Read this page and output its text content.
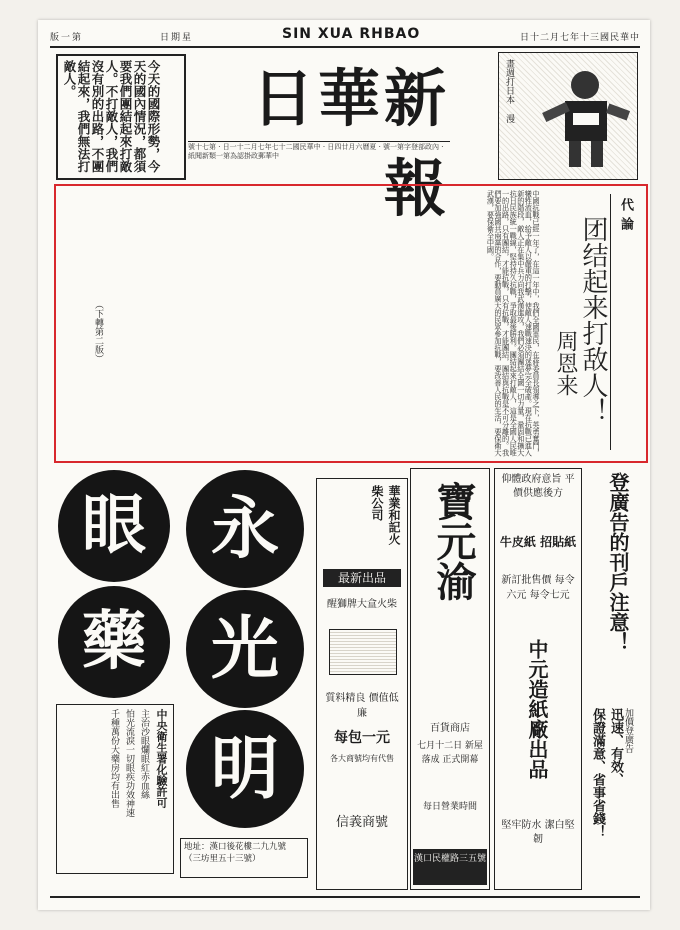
版一第	日期星	SIN XUA RHBAO	日十二月七年十三國民華中
今天的國際形勢，今天的國內情況，都須要我們團結起來打敵人。不打敵人，我們沒有別的出路，不團結起來，我們無法打敵人。	新華日報
號十七第 · 日一十二月七年七十二國民華中 · 日四廿月六曆夏 · 號一第字登部政內 · 紙聞新類一第為認掛政郵華中
畫週打日本 漫
中國抗戰已經一年了，在這一年中，我們全國軍民，在蔣委員長領導之下，英勇奮鬥，犧牲流血，給予敵人以嚴重的打擊，使敵人速戰速決的迷夢完全破產。現在抗戰已進入新的階段，敵人正在集中兵力向我武漢進攻，我們必須團結全國一切力量，鞏固和擴大抗日民族統一戰線，堅持持久抗戰，爭取最後勝利。團結起來打敵人，這是全國人民唯一的出路，只有團結，才能抗戰，只有抗戰，才能團結，團結與抗戰是不可分離的。我們要加強國共兩黨的合作，要動員廣大的民眾參加抗戰，要改善人民的生活，要保衛大武漢，要保衛全中國。
（下轉第二版）
代論
团结起来打敌人！
周恩来
眼
藥
中央衛生署化驗許可
主治沙眼爛眼紅赤血絲
怕光流淚一切眼疾功效神速
千種萬份大藥房均有出售
永
光
明
地址：漢口後花樓二九九號
（三坊里五十三號）
華業和記火柴公司
最新出品
醒獅牌大盒火柴
質料精良 價值低廉
每包一元
各大商號均有代售
信義商號
寶元渝
百貨商店
七月十二日 新屋落成 正式開幕
每日營業時間
漢口民權路三五號
仰體政府意旨 平價供應後方
牛皮紙 招貼紙
新訂批售價 每令六元 每令七元
中元造紙廠出品
堅牢防水 潔白堅韌
登廣告的刊戶注意！
加價登廣告
迅速、有效、
保證滿意、省事省錢！
